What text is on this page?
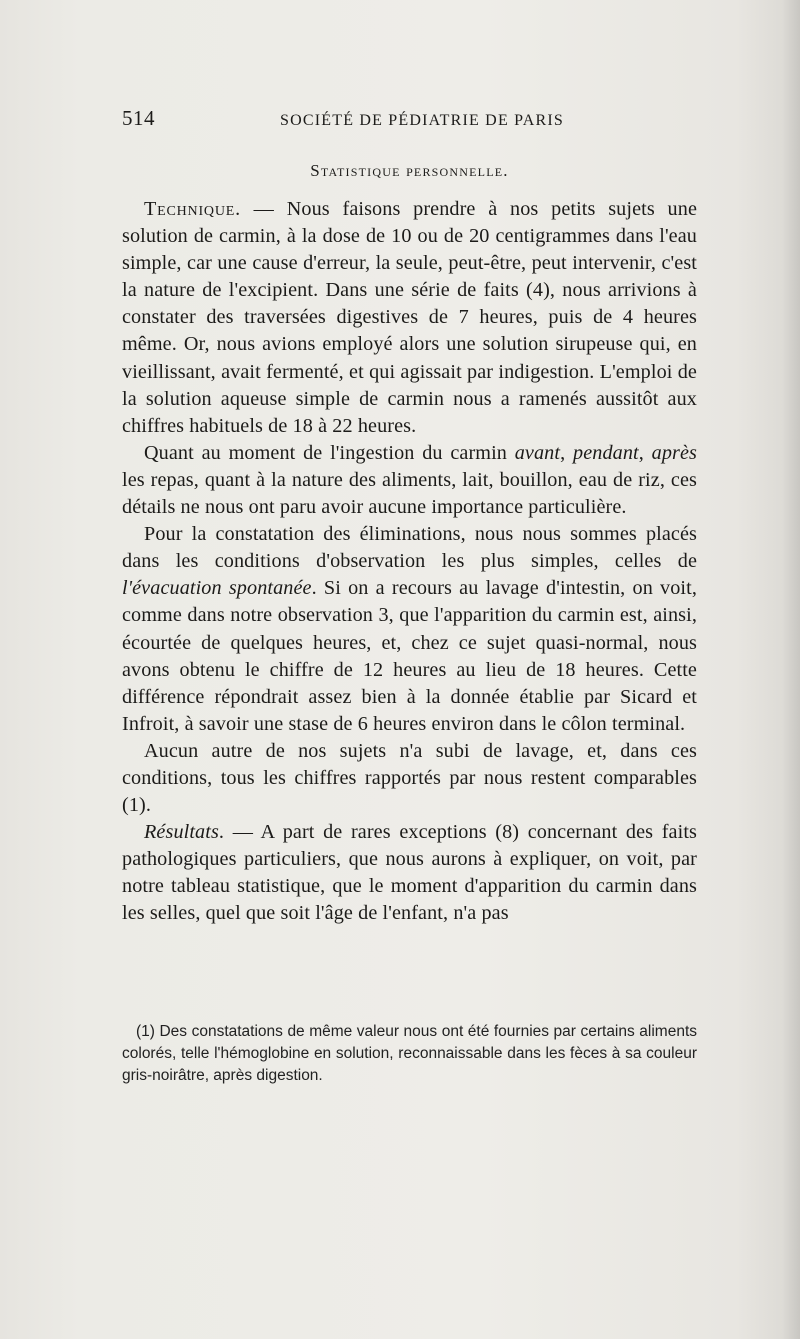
514	SOCIÉTÉ DE PÉDIATRIE DE PARIS
Statistique personnelle.

Technique. — Nous faisons prendre à nos petits sujets une solution de carmin, à la dose de 10 ou de 20 centigrammes dans l'eau simple, car une cause d'erreur, la seule, peut-être, peut intervenir, c'est la nature de l'excipient. Dans une série de faits (4), nous arrivions à constater des traversées digestives de 7 heures, puis de 4 heures même. Or, nous avions employé alors une solution sirupeuse qui, en vieillissant, avait fermenté, et qui agissait par indigestion. L'emploi de la solution aqueuse simple de carmin nous a ramenés aussitôt aux chiffres habituels de 18 à 22 heures.

Quant au moment de l'ingestion du carmin avant, pendant, après les repas, quant à la nature des aliments, lait, bouillon, eau de riz, ces détails ne nous ont paru avoir aucune importance particulière.

Pour la constatation des éliminations, nous nous sommes placés dans les conditions d'observation les plus simples, celles de l'évacuation spontanée. Si on a recours au lavage d'intestin, on voit, comme dans notre observation 3, que l'apparition du carmin est, ainsi, écourtée de quelques heures, et, chez ce sujet quasi-normal, nous avons obtenu le chiffre de 12 heures au lieu de 18 heures. Cette différence répondrait assez bien à la donnée établie par Sicard et Infroit, à savoir une stase de 6 heures environ dans le côlon terminal.

Aucun autre de nos sujets n'a subi de lavage, et, dans ces conditions, tous les chiffres rapportés par nous restent comparables (1).

Résultats. — A part de rares exceptions (8) concernant des faits pathologiques particuliers, que nous aurons à expliquer, on voit, par notre tableau statistique, que le moment d'apparition du carmin dans les selles, quel que soit l'âge de l'enfant, n'a pas

(1) Des constatations de même valeur nous ont été fournies par certains aliments colorés, telle l'hémoglobine en solution, reconnaissable dans les fèces à sa couleur gris-noirâtre, après digestion.
